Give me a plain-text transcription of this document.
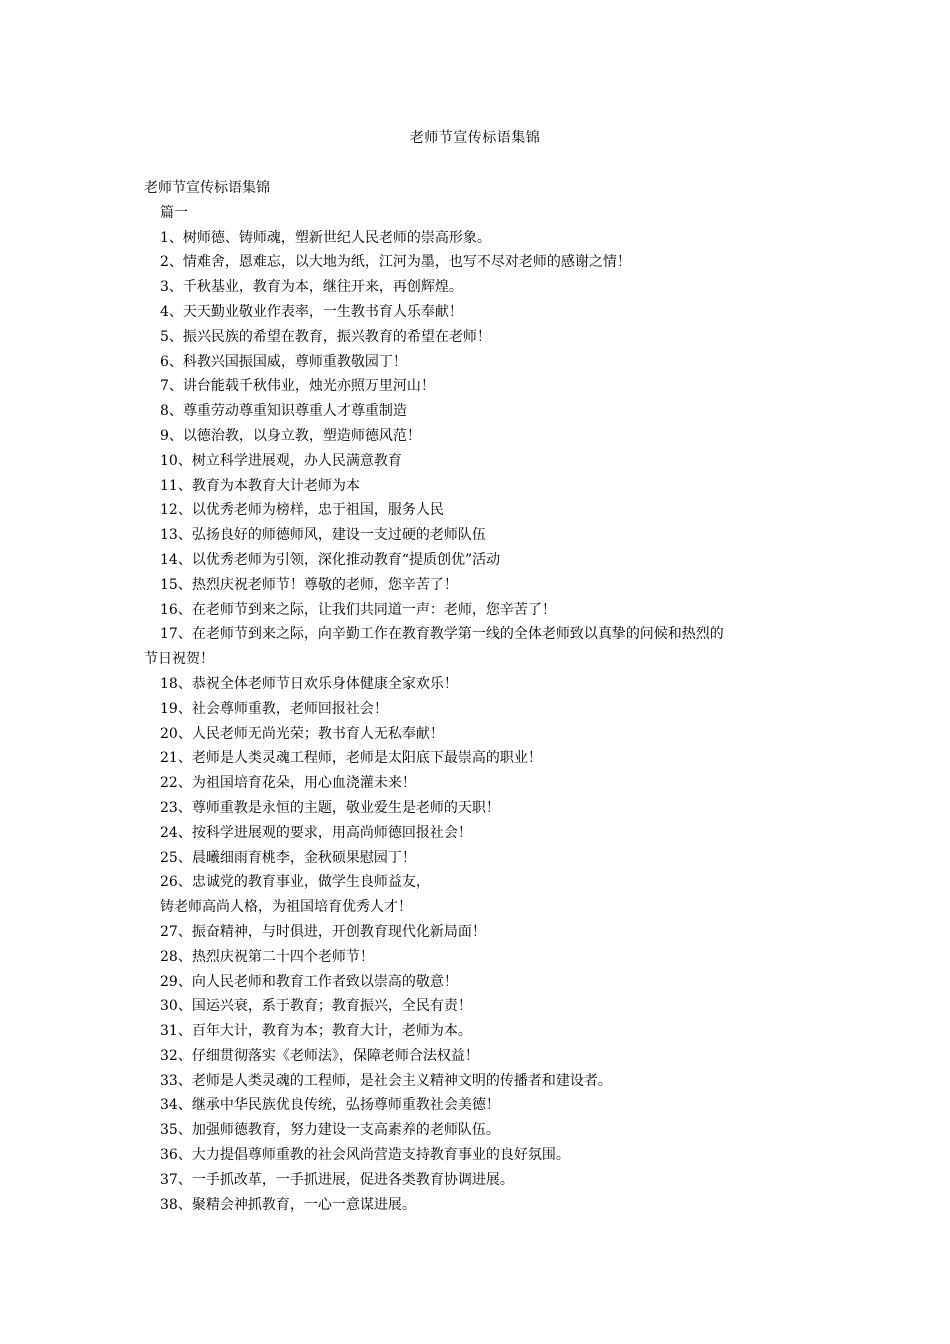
老师节宣传标语集锦
老师节宣传标语集锦
篇一
1、树师德、铸师魂，塑新世纪人民老师的崇高形象。
2、情难舍，恩难忘，以大地为纸，江河为墨，也写不尽对老师的感谢之情！
3、千秋基业，教育为本，继往开来，再创辉煌。
4、天天勤业敬业作表率，一生教书育人乐奉献！
5、振兴民族的希望在教育，振兴教育的希望在老师！
6、科教兴国振国威，尊师重教敬园丁！
7、讲台能载千秋伟业，烛光亦照万里河山！
8、尊重劳动尊重知识尊重人才尊重制造
9、以德治教，以身立教，塑造师德风范！
10、树立科学进展观，办人民满意教育
11、教育为本教育大计老师为本
12、以优秀老师为榜样，忠于祖国，服务人民
13、弘扬良好的师德师风，建设一支过硬的老师队伍
14、以优秀老师为引领，深化推动教育“提质创优”活动
15、热烈庆祝老师节！尊敬的老师，您辛苦了！
16、在老师节到来之际，让我们共同道一声：老师，您辛苦了！
17、在老师节到来之际，向辛勤工作在教育教学第一线的全体老师致以真挚的问候和热烈的
节日祝贺！
18、恭祝全体老师节日欢乐身体健康全家欢乐！
19、社会尊师重教，老师回报社会！
20、人民老师无尚光荣；教书育人无私奉献！
21、老师是人类灵魂工程师，老师是太阳底下最崇高的职业！
22、为祖国培育花朵，用心血浇灌未来！
23、尊师重教是永恒的主题，敬业爱生是老师的天职！
24、按科学进展观的要求，用高尚师德回报社会！
25、晨曦细雨育桃李，金秋硕果慰园丁！
26、忠诚党的教育事业，做学生良师益友，
铸老师高尚人格，为祖国培育优秀人才！
27、振奋精神，与时俱进，开创教育现代化新局面！
28、热烈庆祝第二十四个老师节！
29、向人民老师和教育工作者致以崇高的敬意！
30、国运兴衰，系于教育；教育振兴，全民有责！
31、百年大计，教育为本；教育大计，老师为本。
32、仔细贯彻落实《老师法》，保障老师合法权益！
33、老师是人类灵魂的工程师，是社会主义精神文明的传播者和建设者。
34、继承中华民族优良传统，弘扬尊师重教社会美德！
35、加强师德教育，努力建设一支高素养的老师队伍。
36、大力提倡尊师重教的社会风尚营造支持教育事业的良好氛围。
37、一手抓改革，一手抓进展，促进各类教育协调进展。
38、聚精会神抓教育，一心一意谋进展。
